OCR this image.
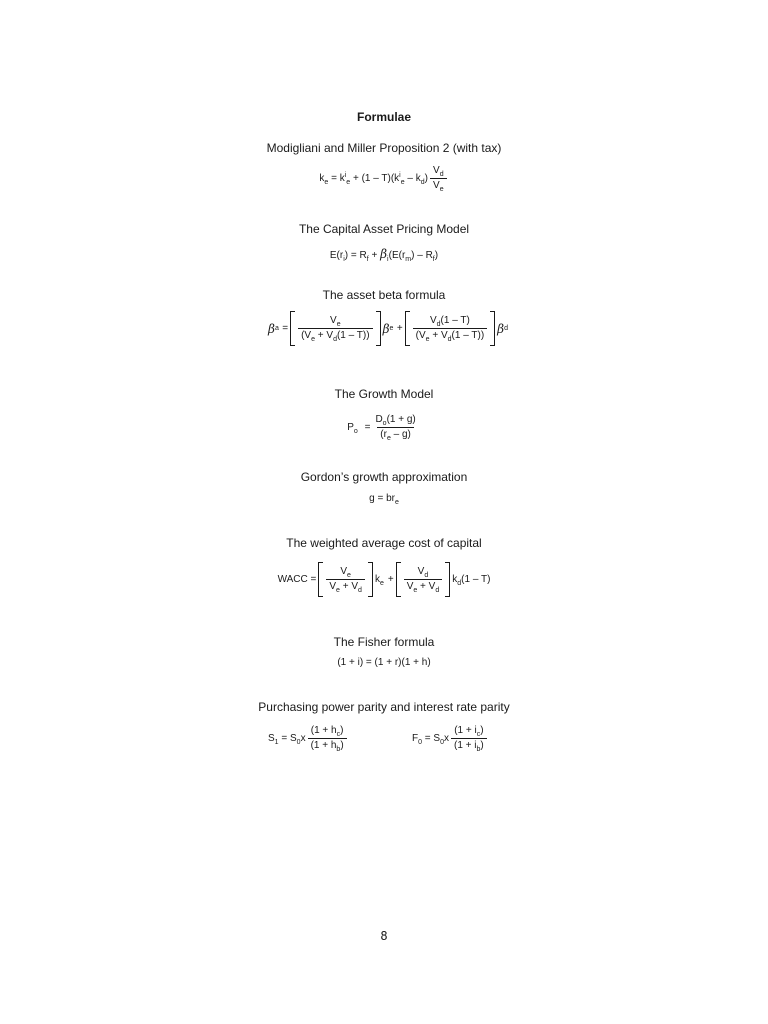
Formulae
Modigliani and Miller Proposition 2 (with tax)
$k_e = k^i_e + (1 - T)(k^i_e - k_d) \frac{V_d}{V_e}$
The Capital Asset Pricing Model
$E(r_i) = R_f + \beta_i(E(r_m) - R_f)$
The asset beta formula
β $a = \frac{V_e}{(V_e + V_d(1 - T))}$ β $e + \frac{V_d(1 - T)}{(V_e + V_d(1 - T))}$ β d
The Growth Model
$P_o = \frac{D_o(1 + g)}{(r_e - g)}$
Gordon’s growth approximation
$g = br_e$
The weighted average cost of capital
WACC = $\frac{V_e}{V_e + V_d} k_e + \frac{V_d}{V_e + V_d} k_d(1 - T)$
The Fisher formula
(1 + i) = (1 + r)(1 + h)
Purchasing power parity and interest rate parity
$S_1 = S_0x \frac{(1 + h_c)}{(1 + h_b)}$	$F_0 = S_0x \frac{(1 + i_c)}{(1 + i_b)}$
8
